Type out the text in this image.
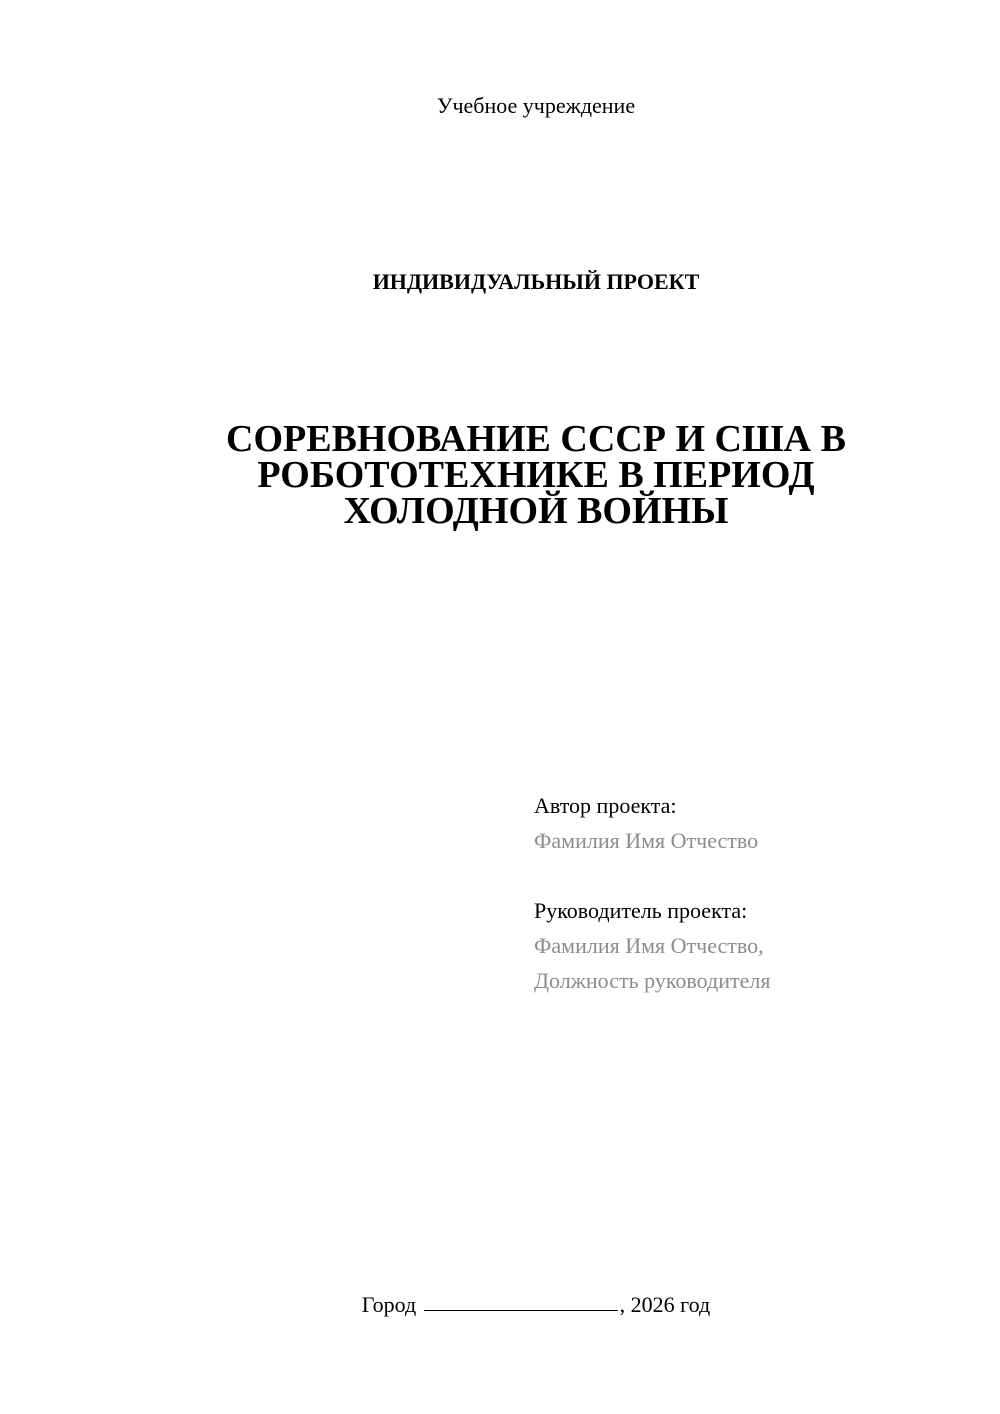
Учебное учреждение
ИНДИВИДУАЛЬНЫЙ ПРОЕКТ
СОРЕВНОВАНИЕ СССР И США В
РОБОТОТЕХНИКЕ В ПЕРИОД
ХОЛОДНОЙ ВОЙНЫ
Автор проекта:
Фамилия Имя Отчество
Руководитель проекта:
Фамилия Имя Отчество,
Должность руководителя
Город	, 2026 год
